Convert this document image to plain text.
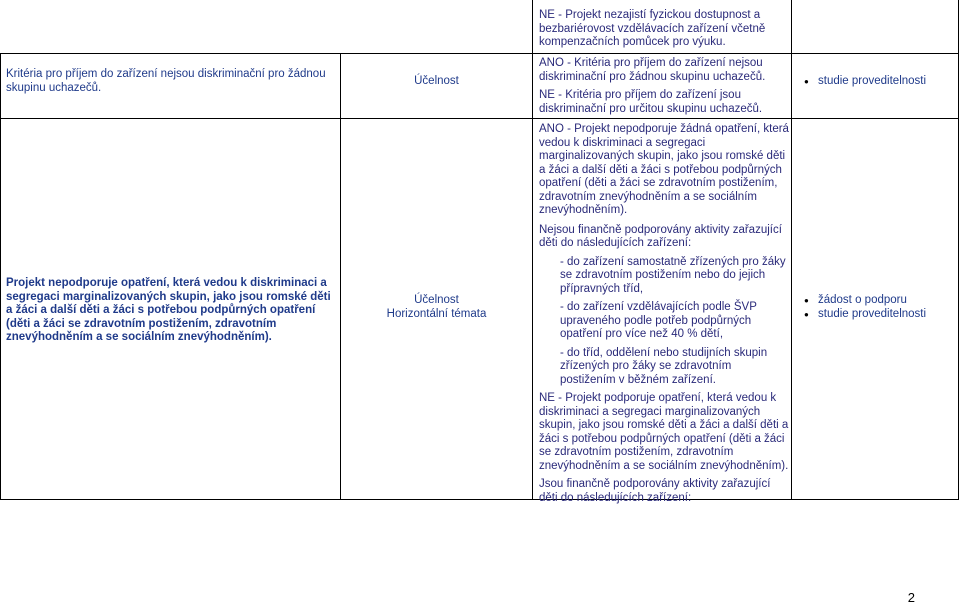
NE - Projekt nezajistí fyzickou dostupnost a bezbariérovost vzdělávacích zařízení včetně kompenzačních pomůcek pro výuku.

Kritéria pro příjem do zařízení nejsou diskriminační pro žádnou skupinu uchazečů.

Účelnost

ANO - Kritéria pro příjem do zařízení nejsou diskriminační pro žádnou skupinu uchazečů.

NE - Kritéria pro příjem do zařízení jsou diskriminační pro určitou skupinu uchazečů.

● studie proveditelnosti

Projekt nepodporuje opatření, která vedou k diskriminaci a segregaci marginalizovaných skupin, jako jsou romské děti a žáci a další děti a žáci s potřebou podpůrných opatření (děti a žáci se zdravotním postižením, zdravotním znevýhodněním a se sociálním znevýhodněním).

Účelnost

Horizontální témata

ANO - Projekt nepodporuje žádná opatření, která vedou k diskriminaci a segregaci marginalizovaných skupin, jako jsou romské děti a žáci a další děti a žáci s potřebou podpůrných opatření (děti a žáci se zdravotním postižením, zdravotním znevýhodněním a se sociálním znevýhodněním).

Nejsou finančně podporovány aktivity zařazující děti do následujících zařízení:

- do zařízení samostatně zřízených pro žáky se zdravotním postižením nebo do jejich přípravných tříd,

- do zařízení vzdělávajících podle ŠVP upraveného podle potřeb podpůrných opatření pro více než 40 % dětí,

- do tříd, oddělení nebo studijních skupin zřízených pro žáky se zdravotním postižením v běžném zařízení.

NE - Projekt podporuje opatření, která vedou k diskriminaci a segregaci marginalizovaných skupin, jako jsou romské děti a žáci a další děti a žáci s potřebou podpůrných opatření (děti a žáci se zdravotním postižením, zdravotním znevýhodněním a se sociálním znevýhodněním).

Jsou finančně podporovány aktivity zařazující děti do následujících zařízení:

● žádost o podporu
● studie proveditelnosti
2
